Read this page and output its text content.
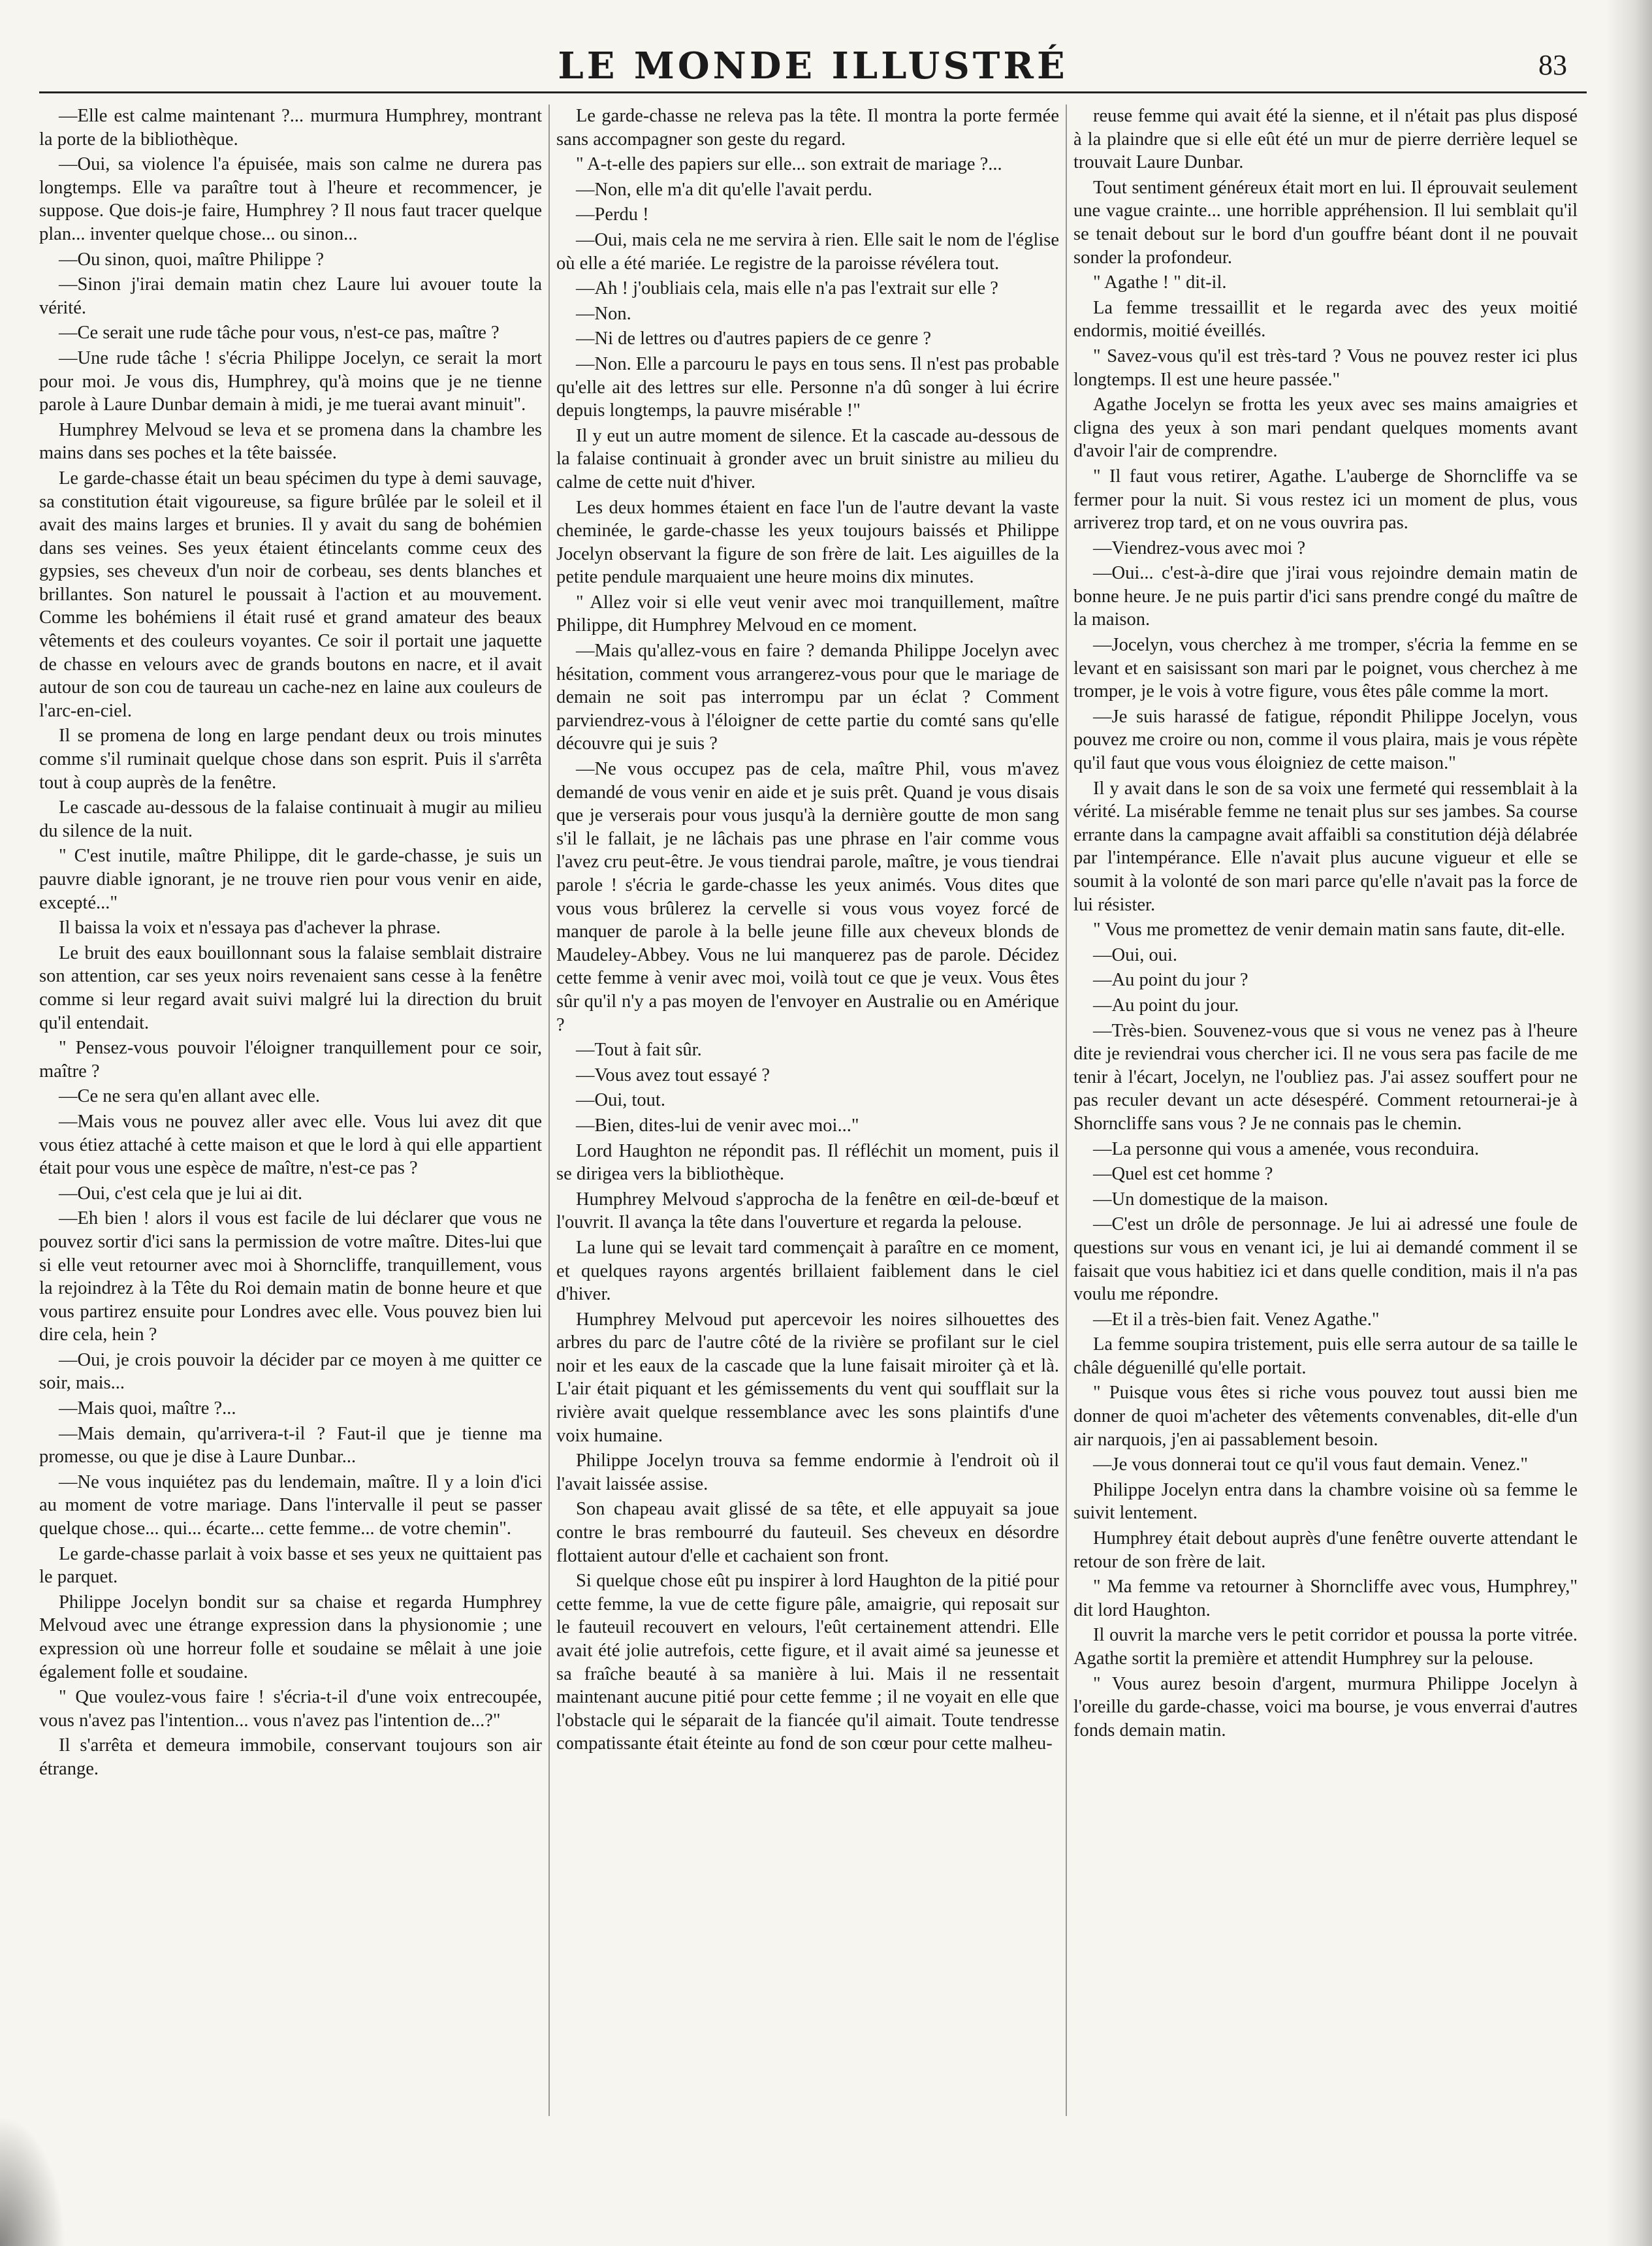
LE MONDE ILLUSTRÉ	83

—Elle est calme maintenant ?... murmura Humphrey, montrant la porte de la bibliothèque.

—Oui, sa violence l'a épuisée, mais son calme ne durera pas longtemps. Elle va paraître tout à l'heure et recommencer, je suppose. Que dois-je faire, Humphrey ? Il nous faut tracer quelque plan... inventer quelque chose... ou sinon...

—Ou sinon, quoi, maître Philippe ?

—Sinon j'irai demain matin chez Laure lui avouer toute la vérité.

—Ce serait une rude tâche pour vous, n'est-ce pas, maître ?

—Une rude tâche ! s'écria Philippe Jocelyn, ce serait la mort pour moi. Je vous dis, Humphrey, qu'à moins que je ne tienne parole à Laure Dunbar demain à midi, je me tuerai avant minuit".

Humphrey Melvoud se leva et se promena dans la chambre les mains dans ses poches et la tête baissée.

Le garde-chasse était un beau spécimen du type à demi sauvage, sa constitution était vigoureuse, sa figure brûlée par le soleil et il avait des mains larges et brunies. Il y avait du sang de bohémien dans ses veines. Ses yeux étaient étincelants comme ceux des gypsies, ses cheveux d'un noir de corbeau, ses dents blanches et brillantes. Son naturel le poussait à l'action et au mouvement. Comme les bohémiens il était rusé et grand amateur des beaux vêtements et des couleurs voyantes. Ce soir il portait une jaquette de chasse en velours avec de grands boutons en nacre, et il avait autour de son cou de taureau un cache-nez en laine aux couleurs de l'arc-en-ciel.

Il se promena de long en large pendant deux ou trois minutes comme s'il ruminait quelque chose dans son esprit. Puis il s'arrêta tout à coup auprès de la fenêtre.

Le cascade au-dessous de la falaise continuait à mugir au milieu du silence de la nuit.

" C'est inutile, maître Philippe, dit le garde-chasse, je suis un pauvre diable ignorant, je ne trouve rien pour vous venir en aide, excepté..."

Il baissa la voix et n'essaya pas d'achever la phrase.

Le bruit des eaux bouillonnant sous la falaise semblait distraire son attention, car ses yeux noirs revenaient sans cesse à la fenêtre comme si leur regard avait suivi malgré lui la direction du bruit qu'il entendait.

" Pensez-vous pouvoir l'éloigner tranquillement pour ce soir, maître ?

—Ce ne sera qu'en allant avec elle.

—Mais vous ne pouvez aller avec elle. Vous lui avez dit que vous étiez attaché à cette maison et que le lord à qui elle appartient était pour vous une espèce de maître, n'est-ce pas ?

—Oui, c'est cela que je lui ai dit.

—Eh bien ! alors il vous est facile de lui déclarer que vous ne pouvez sortir d'ici sans la permission de votre maître. Dites-lui que si elle veut retourner avec moi à Shorncliffe, tranquillement, vous la rejoindrez à la Tête du Roi demain matin de bonne heure et que vous partirez ensuite pour Londres avec elle. Vous pouvez bien lui dire cela, hein ?

—Oui, je crois pouvoir la décider par ce moyen à me quitter ce soir, mais...

—Mais quoi, maître ?...

—Mais demain, qu'arrivera-t-il ? Faut-il que je tienne ma promesse, ou que je dise à Laure Dunbar...

—Ne vous inquiétez pas du lendemain, maître. Il y a loin d'ici au moment de votre mariage. Dans l'intervalle il peut se passer quelque chose... qui... écarte... cette femme... de votre chemin".

Le garde-chasse parlait à voix basse et ses yeux ne quittaient pas le parquet.

Philippe Jocelyn bondit sur sa chaise et regarda Humphrey Melvoud avec une étrange expression dans la physionomie ; une expression où une horreur folle et soudaine se mêlait à une joie également folle et soudaine.

" Que voulez-vous faire ! s'écria-t-il d'une voix entrecoupée, vous n'avez pas l'intention... vous n'avez pas l'intention de...?"

Il s'arrêta et demeura immobile, conservant toujours son air étrange.

Le garde-chasse ne releva pas la tête. Il montra la porte fermée sans accompagner son geste du regard.

" A-t-elle des papiers sur elle... son extrait de mariage ?...

—Non, elle m'a dit qu'elle l'avait perdu.

—Perdu !

—Oui, mais cela ne me servira à rien. Elle sait le nom de l'église où elle a été mariée. Le registre de la paroisse révélera tout.

—Ah ! j'oubliais cela, mais elle n'a pas l'extrait sur elle ?

—Non.

—Ni de lettres ou d'autres papiers de ce genre ?

—Non. Elle a parcouru le pays en tous sens. Il n'est pas probable qu'elle ait des lettres sur elle. Personne n'a dû songer à lui écrire depuis longtemps, la pauvre misérable !"

Il y eut un autre moment de silence. Et la cascade au-dessous de la falaise continuait à gronder avec un bruit sinistre au milieu du calme de cette nuit d'hiver.

Les deux hommes étaient en face l'un de l'autre devant la vaste cheminée, le garde-chasse les yeux toujours baissés et Philippe Jocelyn observant la figure de son frère de lait. Les aiguilles de la petite pendule marquaient une heure moins dix minutes.

" Allez voir si elle veut venir avec moi tranquillement, maître Philippe, dit Humphrey Melvoud en ce moment.

—Mais qu'allez-vous en faire ? demanda Philippe Jocelyn avec hésitation, comment vous arrangerez-vous pour que le mariage de demain ne soit pas interrompu par un éclat ? Comment parviendrez-vous à l'éloigner de cette partie du comté sans qu'elle découvre qui je suis ?

—Ne vous occupez pas de cela, maître Phil, vous m'avez demandé de vous venir en aide et je suis prêt. Quand je vous disais que je verserais pour vous jusqu'à la dernière goutte de mon sang s'il le fallait, je ne lâchais pas une phrase en l'air comme vous l'avez cru peut-être. Je vous tiendrai parole, maître, je vous tiendrai parole ! s'écria le garde-chasse les yeux animés. Vous dites que vous vous brûlerez la cervelle si vous vous voyez forcé de manquer de parole à la belle jeune fille aux cheveux blonds de Maudeley-Abbey. Vous ne lui manquerez pas de parole. Décidez cette femme à venir avec moi, voilà tout ce que je veux. Vous êtes sûr qu'il n'y a pas moyen de l'envoyer en Australie ou en Amérique ?

—Tout à fait sûr.

—Vous avez tout essayé ?

—Oui, tout.

—Bien, dites-lui de venir avec moi..."

Lord Haughton ne répondit pas. Il réfléchit un moment, puis il se dirigea vers la bibliothèque.

Humphrey Melvoud s'approcha de la fenêtre en œil-de-bœuf et l'ouvrit. Il avança la tête dans l'ouverture et regarda la pelouse.

La lune qui se levait tard commençait à paraître en ce moment, et quelques rayons argentés brillaient faiblement dans le ciel d'hiver.

Humphrey Melvoud put apercevoir les noires silhouettes des arbres du parc de l'autre côté de la rivière se profilant sur le ciel noir et les eaux de la cascade que la lune faisait miroiter çà et là. L'air était piquant et les gémissements du vent qui soufflait sur la rivière avait quelque ressemblance avec les sons plaintifs d'une voix humaine.

Philippe Jocelyn trouva sa femme endormie à l'endroit où il l'avait laissée assise.

Son chapeau avait glissé de sa tête, et elle appuyait sa joue contre le bras rembourré du fauteuil. Ses cheveux en désordre flottaient autour d'elle et cachaient son front.

Si quelque chose eût pu inspirer à lord Haughton de la pitié pour cette femme, la vue de cette figure pâle, amaigrie, qui reposait sur le fauteuil recouvert en velours, l'eût certainement attendri. Elle avait été jolie autrefois, cette figure, et il avait aimé sa jeunesse et sa fraîche beauté à sa manière à lui. Mais il ne ressentait maintenant aucune pitié pour cette femme ; il ne voyait en elle que l'obstacle qui le séparait de la fiancée qu'il aimait. Toute tendresse compatissante était éteinte au fond de son cœur pour cette malheu-

reuse femme qui avait été la sienne, et il n'était pas plus disposé à la plaindre que si elle eût été un mur de pierre derrière lequel se trouvait Laure Dunbar.

Tout sentiment généreux était mort en lui. Il éprouvait seulement une vague crainte... une horrible appréhension. Il lui semblait qu'il se tenait debout sur le bord d'un gouffre béant dont il ne pouvait sonder la profondeur.

" Agathe ! " dit-il.

La femme tressaillit et le regarda avec des yeux moitié endormis, moitié éveillés.

" Savez-vous qu'il est très-tard ? Vous ne pouvez rester ici plus longtemps. Il est une heure passée."

Agathe Jocelyn se frotta les yeux avec ses mains amaigries et cligna des yeux à son mari pendant quelques moments avant d'avoir l'air de comprendre.

" Il faut vous retirer, Agathe. L'auberge de Shorncliffe va se fermer pour la nuit. Si vous restez ici un moment de plus, vous arriverez trop tard, et on ne vous ouvrira pas.

—Viendrez-vous avec moi ?

—Oui... c'est-à-dire que j'irai vous rejoindre demain matin de bonne heure. Je ne puis partir d'ici sans prendre congé du maître de la maison.

—Jocelyn, vous cherchez à me tromper, s'écria la femme en se levant et en saisissant son mari par le poignet, vous cherchez à me tromper, je le vois à votre figure, vous êtes pâle comme la mort.

—Je suis harassé de fatigue, répondit Philippe Jocelyn, vous pouvez me croire ou non, comme il vous plaira, mais je vous répète qu'il faut que vous vous éloigniez de cette maison."

Il y avait dans le son de sa voix une fermeté qui ressemblait à la vérité. La misérable femme ne tenait plus sur ses jambes. Sa course errante dans la campagne avait affaibli sa constitution déjà délabrée par l'intempérance. Elle n'avait plus aucune vigueur et elle se soumit à la volonté de son mari parce qu'elle n'avait pas la force de lui résister.

" Vous me promettez de venir demain matin sans faute, dit-elle.

—Oui, oui.

—Au point du jour ?

—Au point du jour.

—Très-bien. Souvenez-vous que si vous ne venez pas à l'heure dite je reviendrai vous chercher ici. Il ne vous sera pas facile de me tenir à l'écart, Jocelyn, ne l'oubliez pas. J'ai assez souffert pour ne pas reculer devant un acte désespéré. Comment retournerai-je à Shorncliffe sans vous ? Je ne connais pas le chemin.

—La personne qui vous a amenée, vous reconduira.

—Quel est cet homme ?

—Un domestique de la maison.

—C'est un drôle de personnage. Je lui ai adressé une foule de questions sur vous en venant ici, je lui ai demandé comment il se faisait que vous habitiez ici et dans quelle condition, mais il n'a pas voulu me répondre.

—Et il a très-bien fait. Venez Agathe."

La femme soupira tristement, puis elle serra autour de sa taille le châle déguenillé qu'elle portait.

" Puisque vous êtes si riche vous pouvez tout aussi bien me donner de quoi m'acheter des vêtements convenables, dit-elle d'un air narquois, j'en ai passablement besoin.

—Je vous donnerai tout ce qu'il vous faut demain. Venez."

Philippe Jocelyn entra dans la chambre voisine où sa femme le suivit lentement.

Humphrey était debout auprès d'une fenêtre ouverte attendant le retour de son frère de lait.

" Ma femme va retourner à Shorncliffe avec vous, Humphrey," dit lord Haughton.

Il ouvrit la marche vers le petit corridor et poussa la porte vitrée. Agathe sortit la première et attendit Humphrey sur la pelouse.

" Vous aurez besoin d'argent, murmura Philippe Jocelyn à l'oreille du garde-chasse, voici ma bourse, je vous enverrai d'autres fonds demain matin.
